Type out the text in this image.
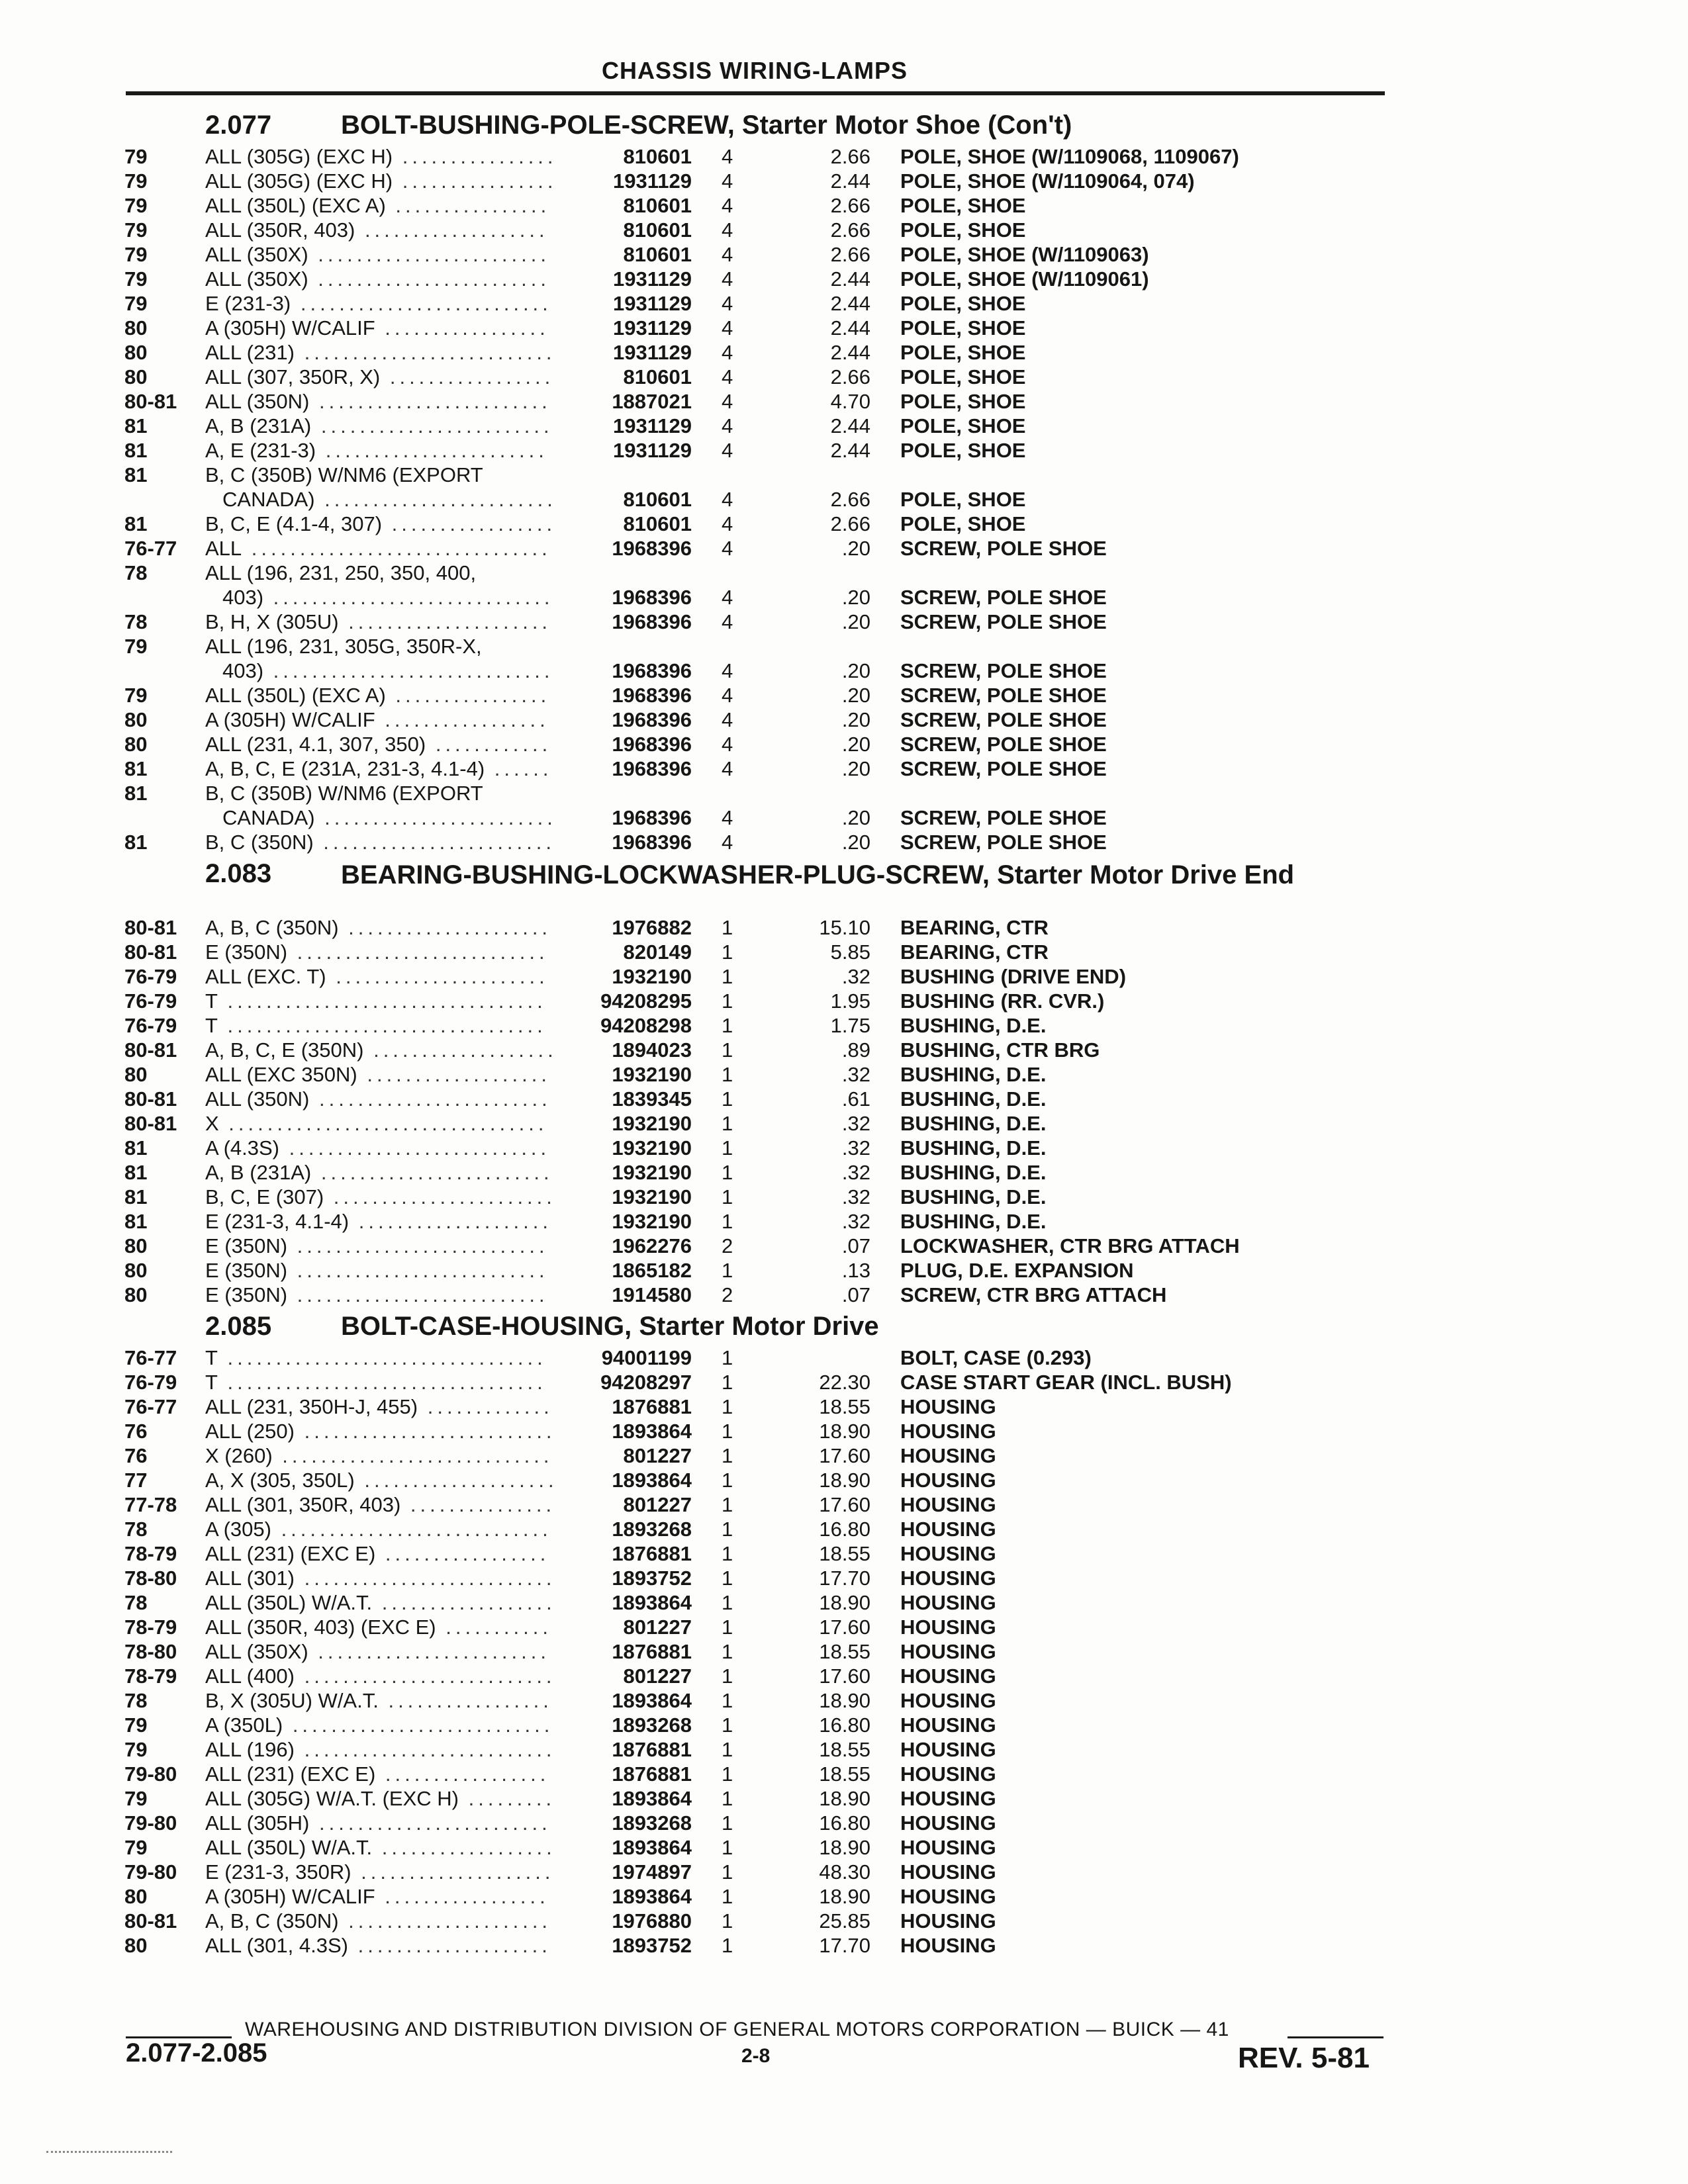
CHASSIS WIRING-LAMPS
2.077	BOLT-BUSHING-POLE-SCREW, Starter Motor Shoe (Con't)
79	ALL (305G) (EXC H) ................	810601 4	2.66 POLE, SHOE (W/1109068, 1109067)
79	ALL (305G) (EXC H) ................	1931129 4	2.44 POLE, SHOE (W/1109064, 074)
79	ALL (350L) (EXC A) ................	810601 4	2.66 POLE, SHOE
79	ALL (350R, 403) ...................	810601 4	2.66 POLE, SHOE
79	ALL (350X) ........................	810601 4	2.66 POLE, SHOE (W/1109063)
79	ALL (350X) ........................	1931129 4	2.44 POLE, SHOE (W/1109061)
79	E (231-3) ..........................	1931129 4	2.44 POLE, SHOE
80	A (305H) W/CALIF .................	1931129 4	2.44 POLE, SHOE
80	ALL (231) ..........................	1931129 4	2.44 POLE, SHOE
80	ALL (307, 350R, X) .................	810601 4	2.66 POLE, SHOE
80-81 ALL (350N) ........................	1887021 4	4.70 POLE, SHOE
81	A, B (231A) ........................	1931129 4	2.44 POLE, SHOE
81	A, E (231-3) .......................	1931129 4	2.44 POLE, SHOE
81	B, C (350B) W/NM6 (EXPORT
CANADA) ........................	810601 4	2.66 POLE, SHOE
81	B, C, E (4.1-4, 307) .................	810601 4	2.66 POLE, SHOE
76-77 ALL ...............................	1968396 4	.20 SCREW, POLE SHOE
78	ALL (196, 231, 250, 350, 400,
403) .............................	1968396 4	.20 SCREW, POLE SHOE
78	B, H, X (305U) .....................	1968396 4	.20 SCREW, POLE SHOE
79	ALL (196, 231, 305G, 350R-X,
403) .............................	1968396 4	.20 SCREW, POLE SHOE
79	ALL (350L) (EXC A) ................	1968396 4	.20 SCREW, POLE SHOE
80	A (305H) W/CALIF .................	1968396 4	.20 SCREW, POLE SHOE
80	ALL (231, 4.1, 307, 350) ............	1968396 4	.20 SCREW, POLE SHOE
81	A, B, C, E (231A, 231-3, 4.1-4) ......	1968396 4	.20 SCREW, POLE SHOE
81	B, C (350B) W/NM6 (EXPORT
CANADA) ........................	1968396 4	.20 SCREW, POLE SHOE
81	B, C (350N) ........................	1968396 4	.20 SCREW, POLE SHOE
2.083	BEARING-BUSHING-LOCKWASHER-PLUG-SCREW, Starter Motor Drive End
80-81 A, B, C (350N) .....................	1976882 1	15.10 BEARING, CTR
80-81 E (350N) ..........................	820149 1	5.85 BEARING, CTR
76-79 ALL (EXC. T) ......................	1932190 1	.32 BUSHING (DRIVE END)
76-79 T .................................	94208295 1	1.95 BUSHING (RR. CVR.)
76-79 T .................................	94208298 1	1.75 BUSHING, D.E.
80-81 A, B, C, E (350N) ...................	1894023 1	.89 BUSHING, CTR BRG
80	ALL (EXC 350N) ...................	1932190 1	.32 BUSHING, D.E.
80-81 ALL (350N) ........................	1839345 1	.61 BUSHING, D.E.
80-81 X .................................	1932190 1	.32 BUSHING, D.E.
81	A (4.3S) ...........................	1932190 1	.32 BUSHING, D.E.
81	A, B (231A) ........................	1932190 1	.32 BUSHING, D.E.
81	B, C, E (307) .......................	1932190 1	.32 BUSHING, D.E.
81	E (231-3, 4.1-4) ....................	1932190 1	.32 BUSHING, D.E.
80	E (350N) ..........................	1962276 2	.07 LOCKWASHER, CTR BRG ATTACH
80	E (350N) ..........................	1865182 1	.13 PLUG, D.E. EXPANSION
80	E (350N) ..........................	1914580 2	.07 SCREW, CTR BRG ATTACH
2.085	BOLT-CASE-HOUSING, Starter Motor Drive
76-77 T .................................	94001199 1	BOLT, CASE (0.293)
76-79 T .................................	94208297 1	22.30 CASE START GEAR (INCL. BUSH)
76-77 ALL (231, 350H-J, 455) .............	1876881 1	18.55 HOUSING
76	ALL (250) ..........................	1893864 1	18.90 HOUSING
76	X (260) ............................	801227 1	17.60 HOUSING
77	A, X (305, 350L) ....................	1893864 1	18.90 HOUSING
77-78 ALL (301, 350R, 403) ...............	801227 1	17.60 HOUSING
78	A (305) ............................	1893268 1	16.80 HOUSING
78-79 ALL (231) (EXC E) .................	1876881 1	18.55 HOUSING
78-80 ALL (301) ..........................	1893752 1	17.70 HOUSING
78	ALL (350L) W/A.T. ..................	1893864 1	18.90 HOUSING
78-79 ALL (350R, 403) (EXC E) ...........	801227 1	17.60 HOUSING
78-80 ALL (350X) ........................	1876881 1	18.55 HOUSING
78-79 ALL (400) ..........................	801227 1	17.60 HOUSING
78	B, X (305U) W/A.T. .................	1893864 1	18.90 HOUSING
79	A (350L) ...........................	1893268 1	16.80 HOUSING
79	ALL (196) ..........................	1876881 1	18.55 HOUSING
79-80 ALL (231) (EXC E) .................	1876881 1	18.55 HOUSING
79	ALL (305G) W/A.T. (EXC H) .........	1893864 1	18.90 HOUSING
79-80 ALL (305H) ........................	1893268 1	16.80 HOUSING
79	ALL (350L) W/A.T. ..................	1893864 1	18.90 HOUSING
79-80 E (231-3, 350R) ....................	1974897 1	48.30 HOUSING
80	A (305H) W/CALIF .................	1893864 1	18.90 HOUSING
80-81 A, B, C (350N) .....................	1976880 1	25.85 HOUSING
80	ALL (301, 4.3S) ....................	1893752 1	17.70 HOUSING
WAREHOUSING AND DISTRIBUTION DIVISION OF GENERAL MOTORS CORPORATION — BUICK — 41
2.077-2.085	2-8	REV. 5-81
